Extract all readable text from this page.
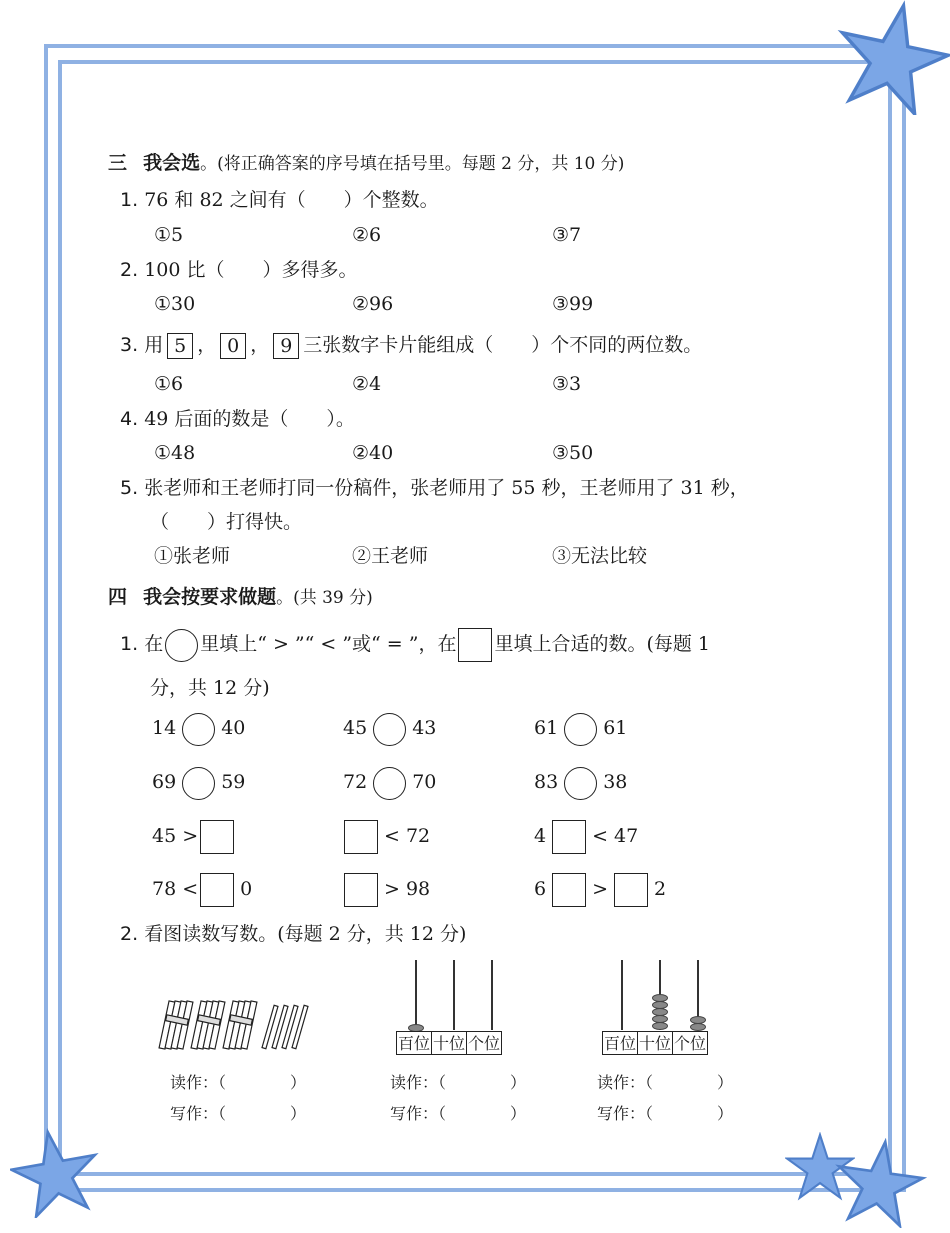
三 我会选。(将正确答案的序号填在括号里。每题 2 分，共 10 分)
1. 76 和 82 之间有（　　）个整数。
①5	②6	③7
2. 100 比（　　）多得多。
①30	②96	③99
3. 用 5 ， 0 ， 9 三张数字卡片能组成（　　）个不同的两位数。
①6	②4	③3
4. 49 后面的数是（　　）。
①48	②40	③50
5. 张老师和王老师打同一份稿件，张老师用了 55 秒，王老师用了 31 秒，
（　　）打得快。
①张老师	②王老师	③无法比较
四 我会按要求做题。(共 39 分)
1. 在 里填上“ > ”“ < ”或“ = ”，在 里填上合适的数。(每题 1
分，共 12 分)
14 40	45 43	61 61
69 59	72 70	83 38
45 >	< 72	4 < 47
78 < 0	> 98	6 > 2
2. 看图读数写数。(每题 2 分，共 12 分)
百位 十位 个位	百位 十位 个位
读作：（　　　　）
写作：（　　　　）
读作：（　　　　）
写作：（　　　　）
读作：（　　　　）
写作：（　　　　）
